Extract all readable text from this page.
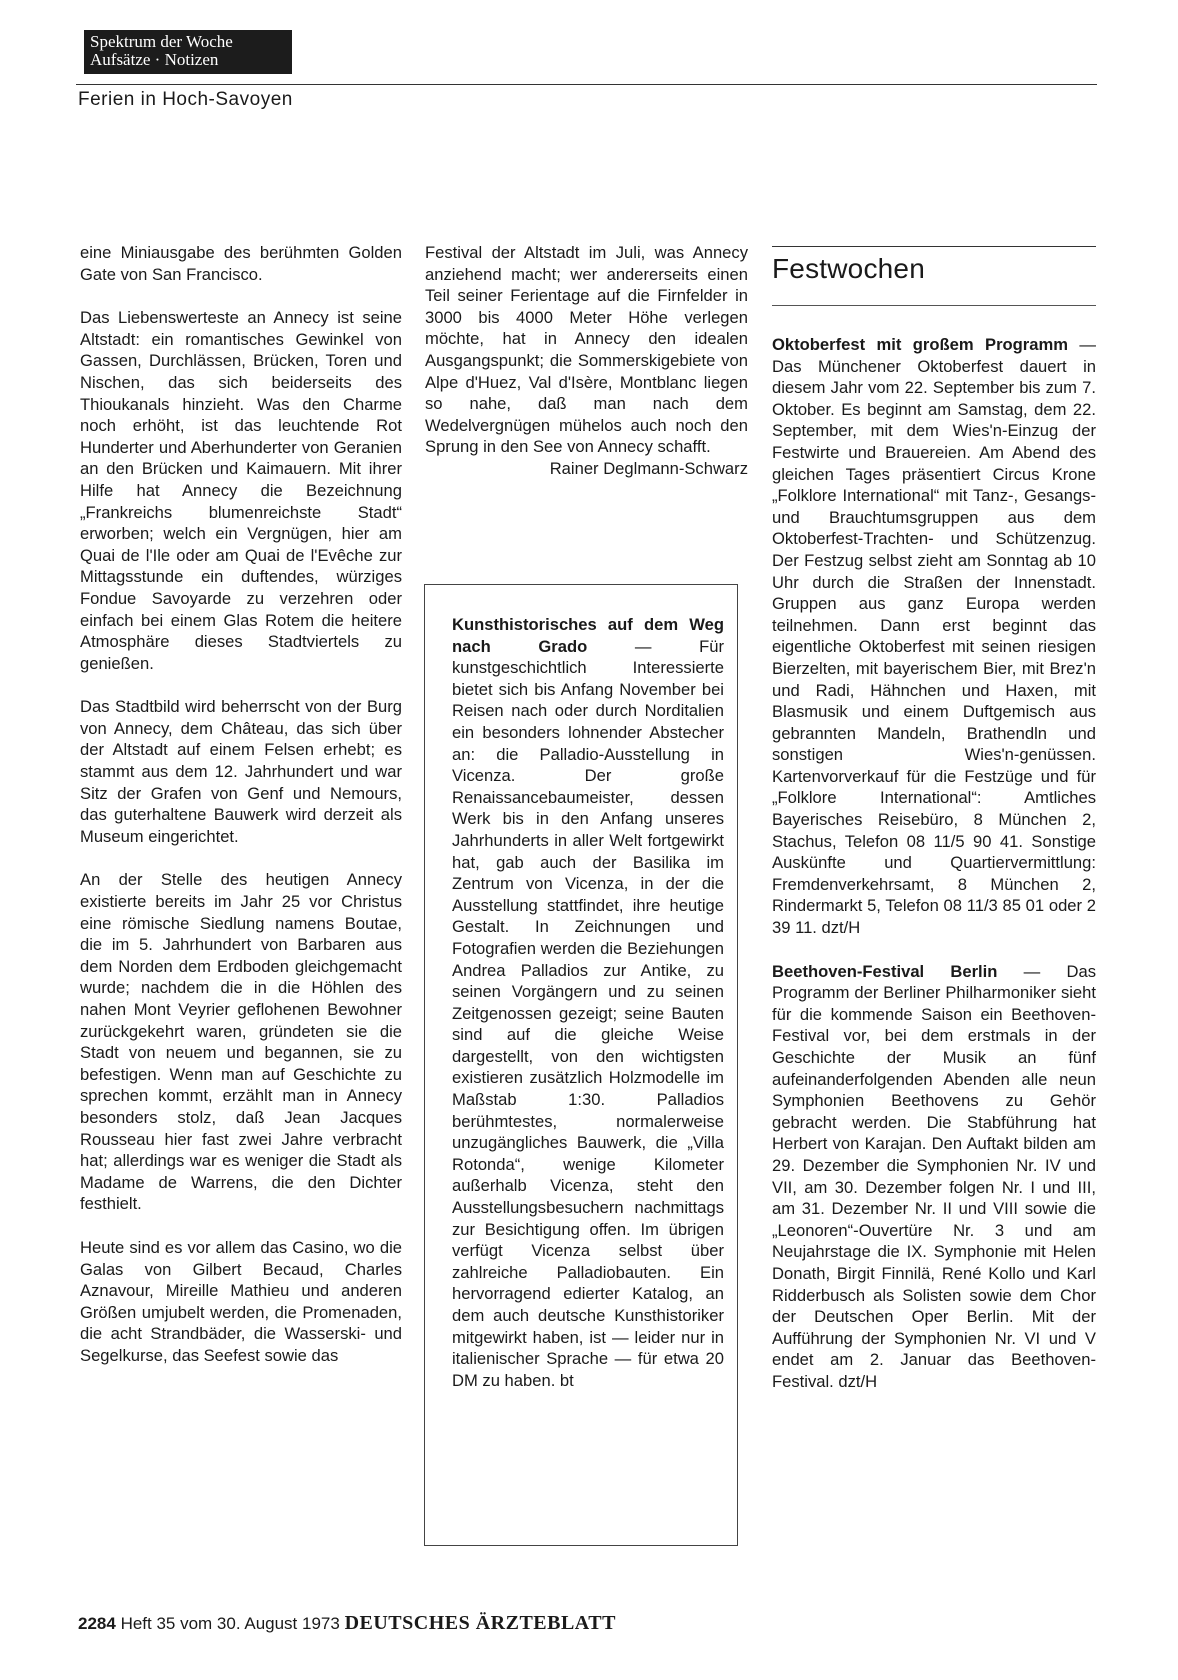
Spektrum der Woche
Aufsätze · Notizen
Ferien in Hoch-Savoyen

eine Miniausgabe des berühmten Golden Gate von San Francisco.

Das Liebenswerteste an Annecy ist seine Altstadt: ein romantisches Gewinkel von Gassen, Durchlässen, Brücken, Toren und Nischen, das sich beiderseits des Thioukanals hinzieht. Was den Charme noch erhöht, ist das leuchtende Rot Hunderter und Aberhunderter von Geranien an den Brücken und Kaimauern. Mit ihrer Hilfe hat Annecy die Bezeichnung „Frankreichs blumenreichste Stadt“ erworben; welch ein Vergnügen, hier am Quai de l'Ile oder am Quai de l'Evêche zur Mittagsstunde ein duftendes, würziges Fondue Savoyarde zu verzehren oder einfach bei einem Glas Rotem die heitere Atmosphäre dieses Stadtviertels zu genießen.

Das Stadtbild wird beherrscht von der Burg von Annecy, dem Château, das sich über der Altstadt auf einem Felsen erhebt; es stammt aus dem 12. Jahrhundert und war Sitz der Grafen von Genf und Nemours, das guterhaltene Bauwerk wird derzeit als Museum eingerichtet.

An der Stelle des heutigen Annecy existierte bereits im Jahr 25 vor Christus eine römische Siedlung namens Boutae, die im 5. Jahrhundert von Barbaren aus dem Norden dem Erdboden gleichgemacht wurde; nachdem die in die Höhlen des nahen Mont Veyrier geflohenen Bewohner zurückgekehrt waren, gründeten sie die Stadt von neuem und begannen, sie zu befestigen. Wenn man auf Geschichte zu sprechen kommt, erzählt man in Annecy besonders stolz, daß Jean Jacques Rousseau hier fast zwei Jahre verbracht hat; allerdings war es weniger die Stadt als Madame de Warrens, die den Dichter festhielt.

Heute sind es vor allem das Casino, wo die Galas von Gilbert Becaud, Charles Aznavour, Mireille Mathieu und anderen Größen umjubelt werden, die Promenaden, die acht Strandbäder, die Wasserski- und Segelkurse, das Seefest sowie das

Festival der Altstadt im Juli, was Annecy anziehend macht; wer andererseits einen Teil seiner Ferientage auf die Firnfelder in 3000 bis 4000 Meter Höhe verlegen möchte, hat in Annecy den idealen Ausgangspunkt; die Sommerskigebiete von Alpe d'Huez, Val d'Isère, Montblanc liegen so nahe, daß man nach dem Wedelvergnügen mühelos auch noch den Sprung in den See von Annecy schafft.

Rainer Deglmann-Schwarz

Kunsthistorisches auf dem Weg nach Grado — Für kunstgeschichtlich Interessierte bietet sich bis Anfang November bei Reisen nach oder durch Norditalien ein besonders lohnender Abstecher an: die Palladio-Ausstellung in Vicenza. Der große Renaissancebaumeister, dessen Werk bis in den Anfang unseres Jahrhunderts in aller Welt fortgewirkt hat, gab auch der Basilika im Zentrum von Vicenza, in der die Ausstellung stattfindet, ihre heutige Gestalt. In Zeichnungen und Fotografien werden die Beziehungen Andrea Palladios zur Antike, zu seinen Vorgängern und zu seinen Zeitgenossen gezeigt; seine Bauten sind auf die gleiche Weise dargestellt, von den wichtigsten existieren zusätzlich Holzmodelle im Maßstab 1:30. Palladios berühmtestes, normalerweise unzugängliches Bauwerk, die „Villa Rotonda“, wenige Kilometer außerhalb Vicenza, steht den Ausstellungsbesuchern nachmittags zur Besichtigung offen. Im übrigen verfügt Vicenza selbst über zahlreiche Palladiobauten. Ein hervorragend edierter Katalog, an dem auch deutsche Kunsthistoriker mitgewirkt haben, ist — leider nur in italienischer Sprache — für etwa 20 DM zu haben. bt

Festwochen

Oktoberfest mit großem Programm — Das Münchener Oktoberfest dauert in diesem Jahr vom 22. September bis zum 7. Oktober. Es beginnt am Samstag, dem 22. September, mit dem Wies'n-Einzug der Festwirte und Brauereien. Am Abend des gleichen Tages präsentiert Circus Krone „Folklore International“ mit Tanz-, Gesangs- und Brauchtumsgruppen aus dem Oktoberfest-Trachten- und Schützenzug. Der Festzug selbst zieht am Sonntag ab 10 Uhr durch die Straßen der Innenstadt. Gruppen aus ganz Europa werden teilnehmen. Dann erst beginnt das eigentliche Oktoberfest mit seinen riesigen Bierzelten, mit bayerischem Bier, mit Brez'n und Radi, Hähnchen und Haxen, mit Blasmusik und einem Duftgemisch aus gebrannten Mandeln, Brathendln und sonstigen Wies'n-genüssen. Kartenvorverkauf für die Festzüge und für „Folklore International“: Amtliches Bayerisches Reisebüro, 8 München 2, Stachus, Telefon 08 11/5 90 41. Sonstige Auskünfte und Quartiervermittlung: Fremdenverkehrsamt, 8 München 2, Rindermarkt 5, Telefon 08 11/3 85 01 oder 2 39 11. dzt/H

Beethoven-Festival Berlin — Das Programm der Berliner Philharmoniker sieht für die kommende Saison ein Beethoven-Festival vor, bei dem erstmals in der Geschichte der Musik an fünf aufeinanderfolgenden Abenden alle neun Symphonien Beethovens zu Gehör gebracht werden. Die Stabführung hat Herbert von Karajan. Den Auftakt bilden am 29. Dezember die Symphonien Nr. IV und VII, am 30. Dezember folgen Nr. I und III, am 31. Dezember Nr. II und VIII sowie die „Leonoren“-Ouvertüre Nr. 3 und am Neujahrstage die IX. Symphonie mit Helen Donath, Birgit Finnilä, René Kollo und Karl Ridderbusch als Solisten sowie dem Chor der Deutschen Oper Berlin. Mit der Aufführung der Symphonien Nr. VI und V endet am 2. Januar das Beethoven-Festival. dzt/H

2284 Heft 35 vom 30. August 1973 DEUTSCHES ÄRZTEBLATT
